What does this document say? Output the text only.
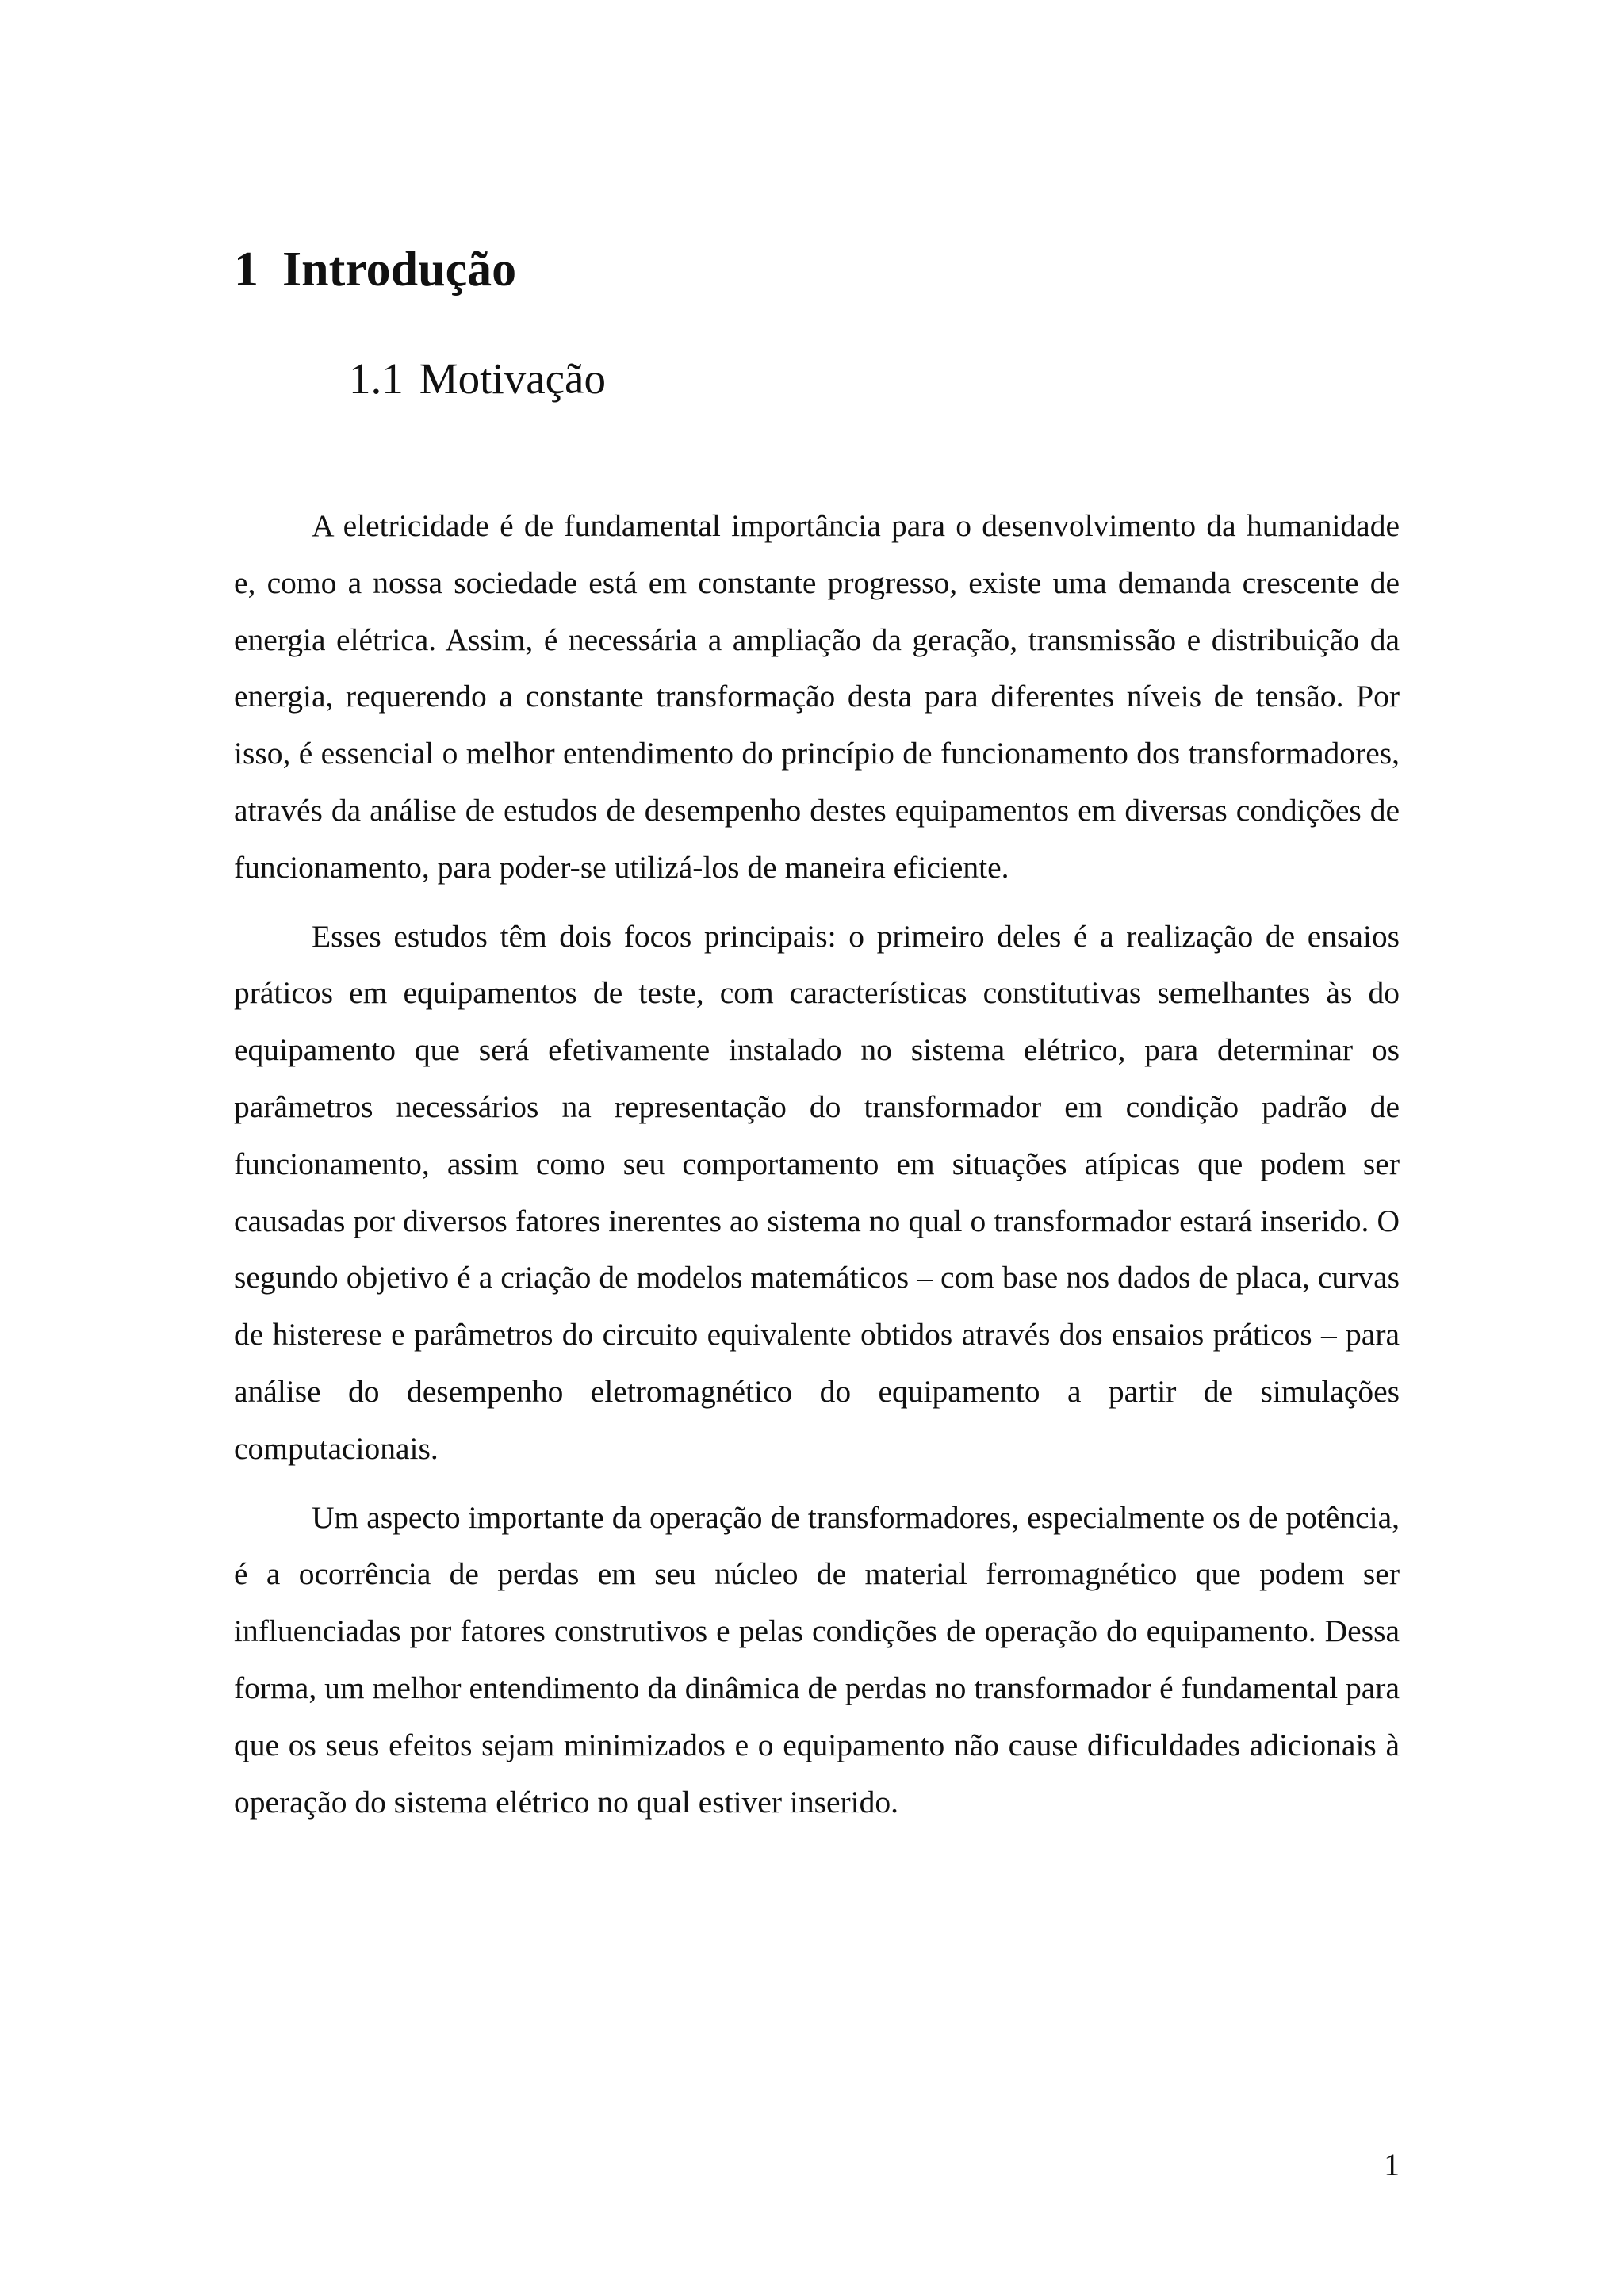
1 Introdução
1.1 Motivação

A eletricidade é de fundamental importância para o desenvolvimento da humanidade e, como a nossa sociedade está em constante progresso, existe uma demanda crescente de energia elétrica. Assim, é necessária a ampliação da geração, transmissão e distribuição da energia, requerendo a constante transformação desta para diferentes níveis de tensão. Por isso, é essencial o melhor entendimento do princípio de funcionamento dos transformadores, através da análise de estudos de desempenho destes equipamentos em diversas condições de funcionamento, para poder-se utilizá-los de maneira eficiente.

Esses estudos têm dois focos principais: o primeiro deles é a realização de ensaios práticos em equipamentos de teste, com características constitutivas semelhantes às do equipamento que será efetivamente instalado no sistema elétrico, para determinar os parâmetros necessários na representação do transformador em condição padrão de funcionamento, assim como seu comportamento em situações atípicas que podem ser causadas por diversos fatores inerentes ao sistema no qual o transformador estará inserido. O segundo objetivo é a criação de modelos matemáticos – com base nos dados de placa, curvas de histerese e parâmetros do circuito equivalente obtidos através dos ensaios práticos – para análise do desempenho eletromagnético do equipamento a partir de simulações computacionais.

Um aspecto importante da operação de transformadores, especialmente os de potência, é a ocorrência de perdas em seu núcleo de material ferromagnético que podem ser influenciadas por fatores construtivos e pelas condições de operação do equipamento. Dessa forma, um melhor entendimento da dinâmica de perdas no transformador é fundamental para que os seus efeitos sejam minimizados e o equipamento não cause dificuldades adicionais à operação do sistema elétrico no qual estiver inserido.

1
